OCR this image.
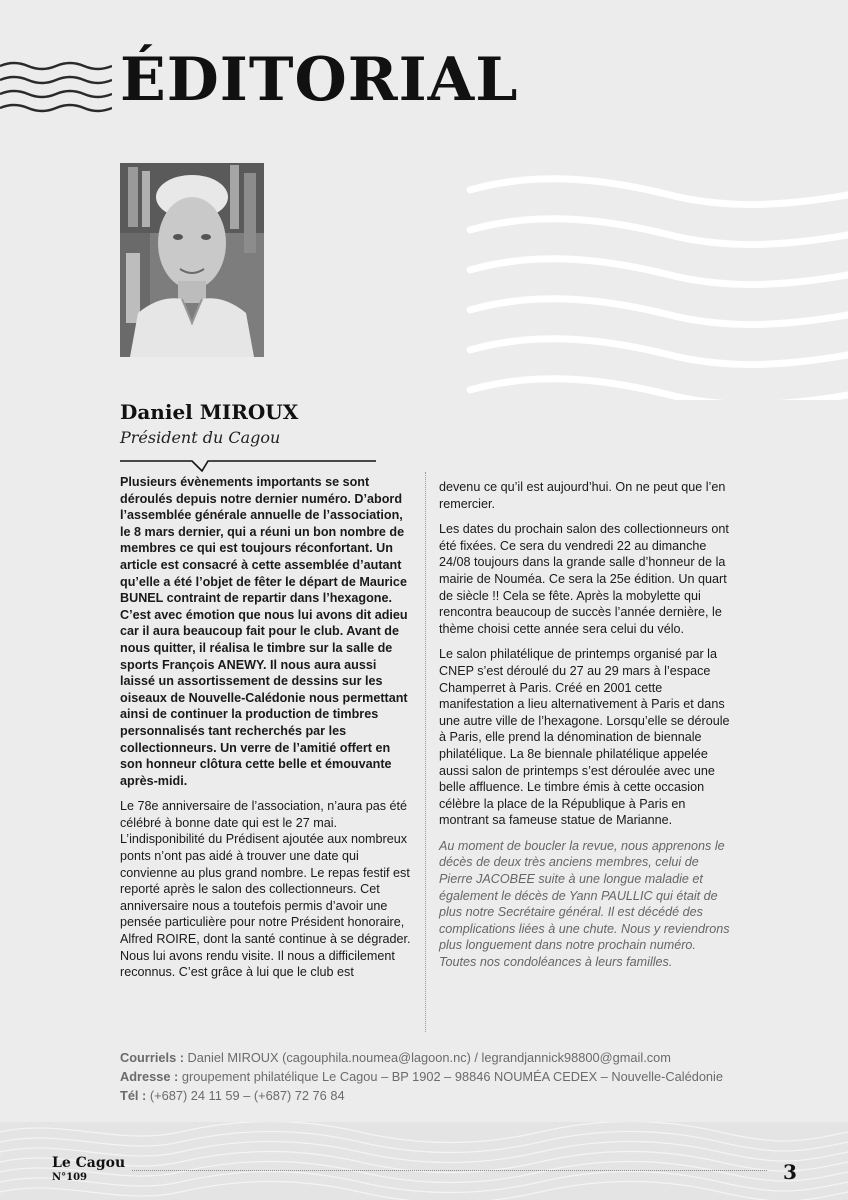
ÉDITORIAL
Daniel MIROUX

Président du Cagou

Plusieurs évènements importants se sont déroulés depuis notre dernier numéro. D’abord l’assemblée générale annuelle de l’association, le 8 mars dernier, qui a réuni un bon nombre de membres ce qui est toujours réconfortant. Un article est consacré à cette assemblée d’autant qu’elle a été l’objet de fêter le départ de Maurice BUNEL contraint de repartir dans l’hexagone. C’est avec émotion que nous lui avons dit adieu car il aura beaucoup fait pour le club. Avant de nous quitter, il réalisa le timbre sur la salle de sports François ANEWY. Il nous aura aussi laissé un assortissement de dessins sur les oiseaux de Nouvelle-Calédonie nous permettant ainsi de continuer la production de timbres personnalisés tant recherchés par les collectionneurs. Un verre de l’amitié offert en son honneur clôtura cette belle et émouvante après-midi.

Le 78e anniversaire de l’association, n’aura pas été célébré à bonne date qui est le 27 mai. L’indisponibilité du Prédisent ajoutée aux nombreux ponts n’ont pas aidé à trouver une date qui convienne au plus grand nombre. Le repas festif est reporté après le salon des collectionneurs. Cet anniversaire nous a toutefois permis d’avoir une pensée particulière pour notre Président honoraire, Alfred ROIRE, dont la santé continue à se dégrader. Nous lui avons rendu visite. Il nous a difficilement reconnus. C’est grâce à lui que le club est

devenu ce qu’il est aujourd’hui. On ne peut que l’en remercier.

Les dates du prochain salon des collectionneurs ont été fixées. Ce sera du vendredi 22 au dimanche 24/08 toujours dans la grande salle d’honneur de la mairie de Nouméa. Ce sera la 25e édition. Un quart de siècle !! Cela se fête. Après la mobylette qui rencontra beaucoup de succès l’année dernière, le thème choisi cette année sera celui du vélo.

Le salon philatélique de printemps organisé par la CNEP s’est déroulé du 27 au 29 mars à l’espace Champerret à Paris. Créé en 2001 cette manifestation a lieu alternativement à Paris et dans une autre ville de l’hexagone. Lorsqu’elle se déroule à Paris, elle prend la dénomination de biennale philatélique. La 8e biennale philatélique appelée aussi salon de printemps s’est déroulée avec une belle affluence. Le timbre émis à cette occasion célèbre la place de la République à Paris en montrant sa fameuse statue de Marianne.

Au moment de boucler la revue, nous apprenons le décès de deux très anciens membres, celui de Pierre JACOBEE suite à une longue maladie et également le décès de Yann PAULLIC qui était de plus notre Secrétaire général. Il est décédé des complications liées à une chute. Nous y reviendrons plus longuement dans notre prochain numéro. Toutes nos condoléances à leurs familles.

Courriels : Daniel MIROUX (cagouphila.noumea@lagoon.nc) / legrandjannick98800@gmail.com
Adresse : groupement philatélique Le Cagou – BP 1902 – 98846 NOUMÉA CEDEX – Nouvelle-Calédonie
Tél : (+687) 24 11 59 – (+687) 72 76 84
Le Cagou
N°109	3
